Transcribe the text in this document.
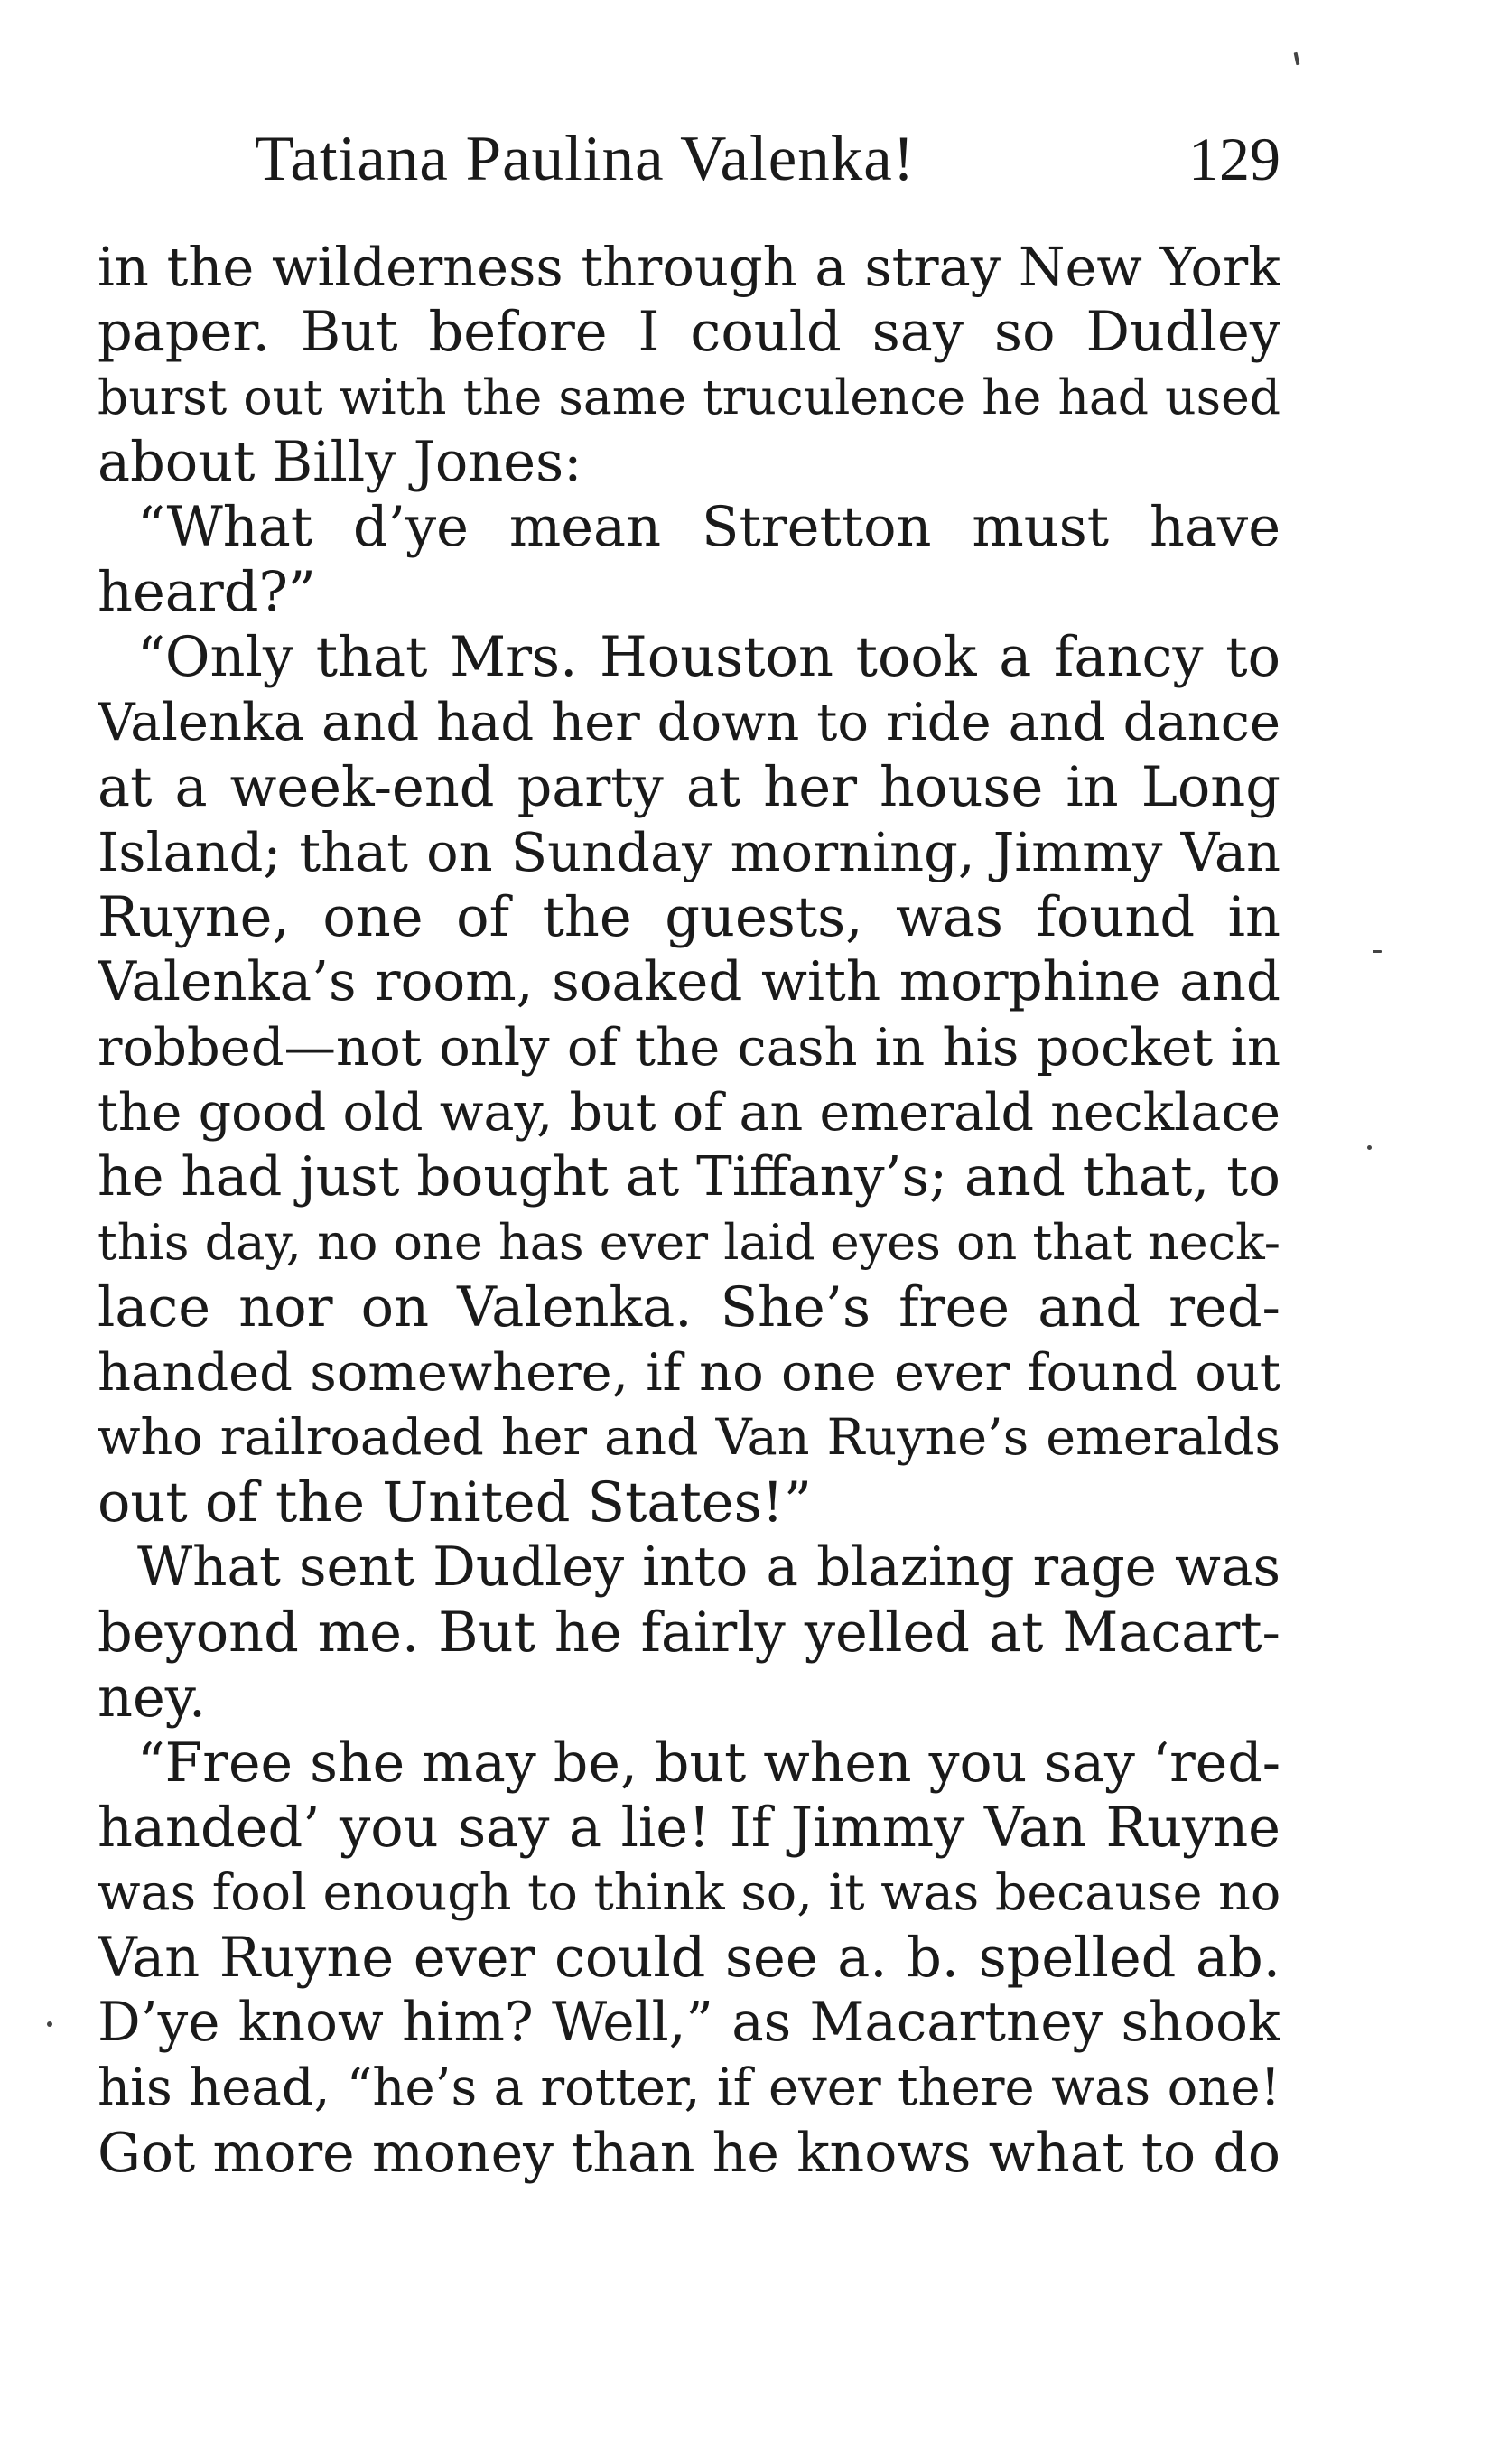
Tatiana Paulina Valenka!	129
in the wilderness through a stray New York
paper. But before I could say so Dudley
burst out with the same truculence he had used
about Billy Jones:
“What d’ye mean Stretton must have
heard?”
“Only that Mrs. Houston took a fancy to
Valenka and had her down to ride and dance
at a week-end party at her house in Long
Island; that on Sunday morning, Jimmy Van
Ruyne, one of the guests, was found in
Valenka’s room, soaked with morphine and
robbed—not only of the cash in his pocket in
the good old way, but of an emerald necklace
he had just bought at Tiffany’s; and that, to
this day, no one has ever laid eyes on that neck-
lace nor on Valenka. She’s free and red-
handed somewhere, if no one ever found out
who railroaded her and Van Ruyne’s emeralds
out of the United States!”
What sent Dudley into a blazing rage was
beyond me. But he fairly yelled at Macart-
ney.
“Free she may be, but when you say ‘red-
handed’ you say a lie! If Jimmy Van Ruyne
was fool enough to think so, it was because no
Van Ruyne ever could see a. b. spelled ab.
D’ye know him? Well,” as Macartney shook
his head, “he’s a rotter, if ever there was one!
Got more money than he knows what to do
